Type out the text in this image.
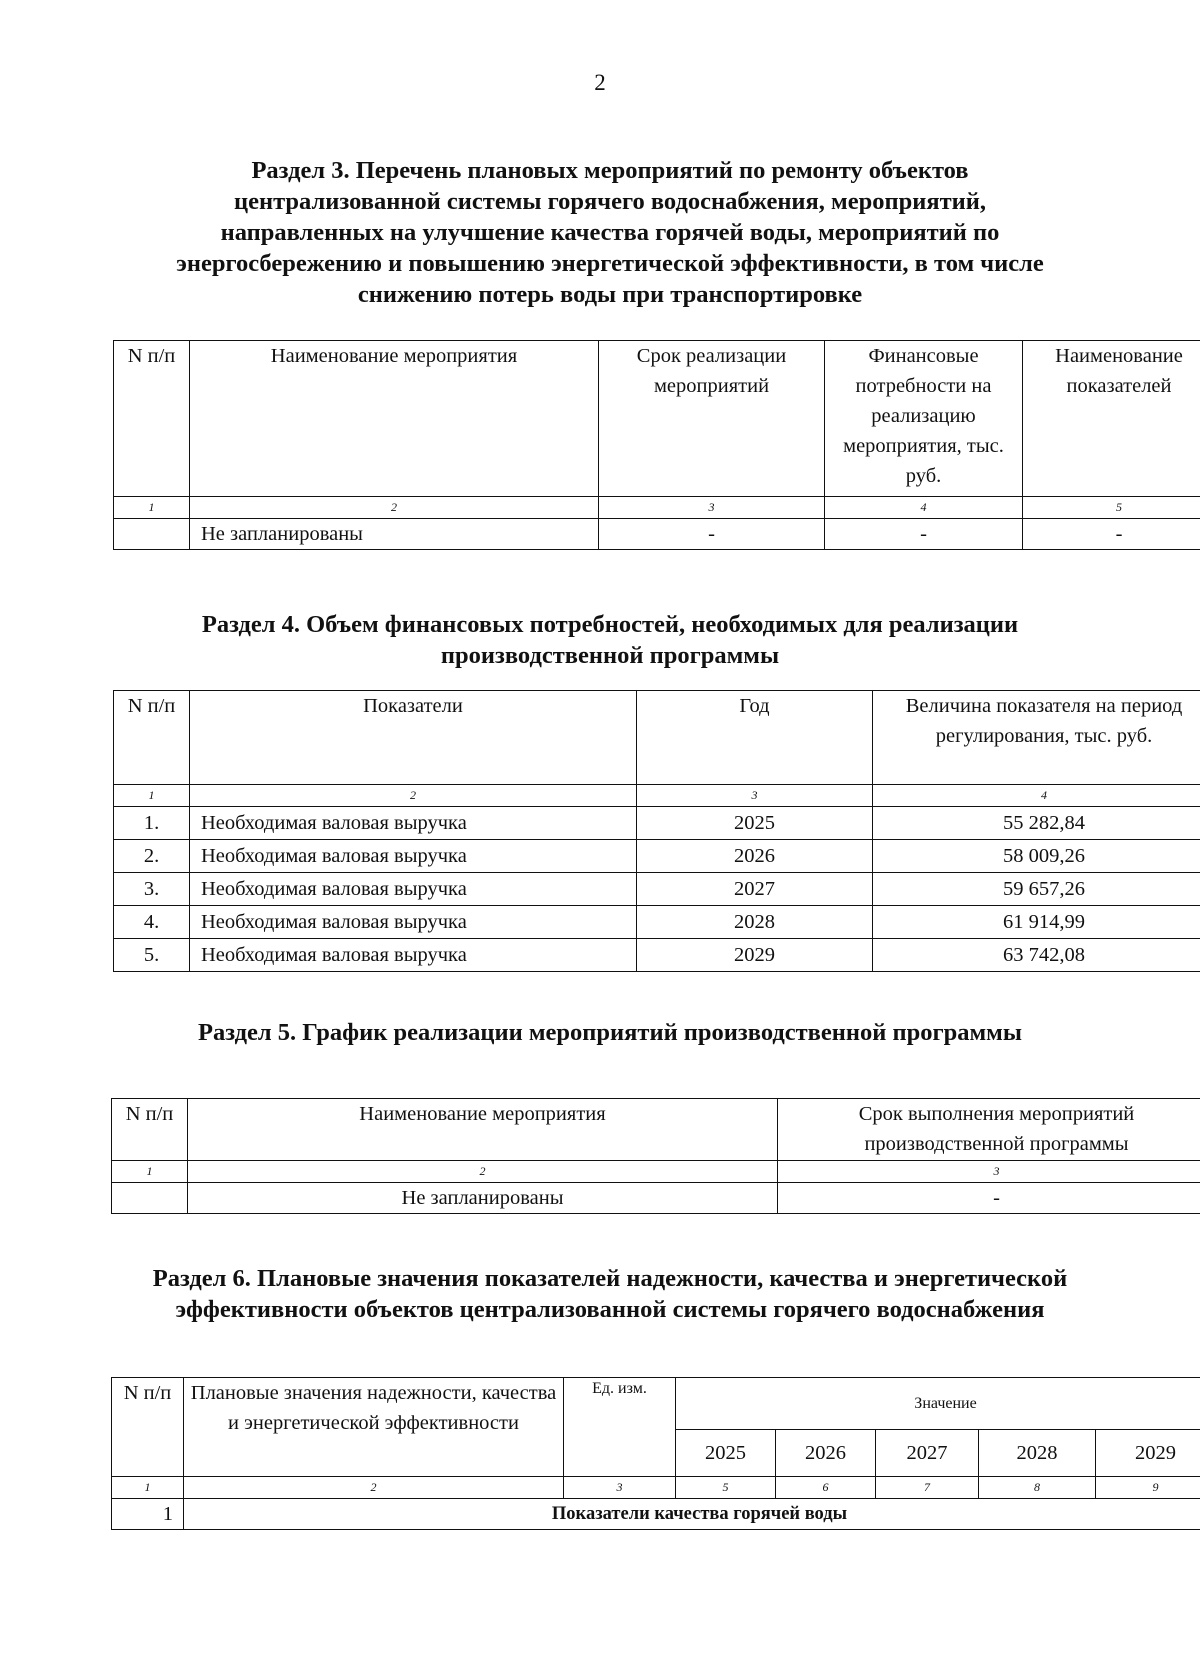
2
Раздел 3. Перечень плановых мероприятий по ремонту объектов централизованной системы горячего водоснабжения, мероприятий, направленных на улучшение качества горячей воды, мероприятий по энергосбережению и повышению энергетической эффективности, в том числе снижению потерь воды при транспортировке
N п/п	Наименование мероприятия	Срок реализации мероприятий	Финансовые потребности на реализацию мероприятия, тыс. руб.	Наименование показателей
1	2	3	4	5
	Не запланированы	-	-	-
Раздел 4. Объем финансовых потребностей, необходимых для реализации производственной программы
N п/п	Показатели	Год	Величина показателя на период регулирования, тыс. руб.
1	2	3	4
1.	Необходимая валовая выручка	2025	55 282,84
2.	Необходимая валовая выручка	2026	58 009,26
3.	Необходимая валовая выручка	2027	59 657,26
4.	Необходимая валовая выручка	2028	61 914,99
5.	Необходимая валовая выручка	2029	63 742,08
Раздел 5. График реализации мероприятий производственной программы
N п/п	Наименование мероприятия	Срок выполнения мероприятий производственной программы
1	2	3
	Не запланированы	-
Раздел 6. Плановые значения показателей надежности, качества и энергетической эффективности объектов централизованной системы горячего водоснабжения
N п/п	Плановые значения надежности, качества и энергетической эффективности	Ед. изм.	Значение				
			2025	2026	2027	2028	2029
1	2	3	5	6	7	8	9
1	Показатели качества горячей воды						
